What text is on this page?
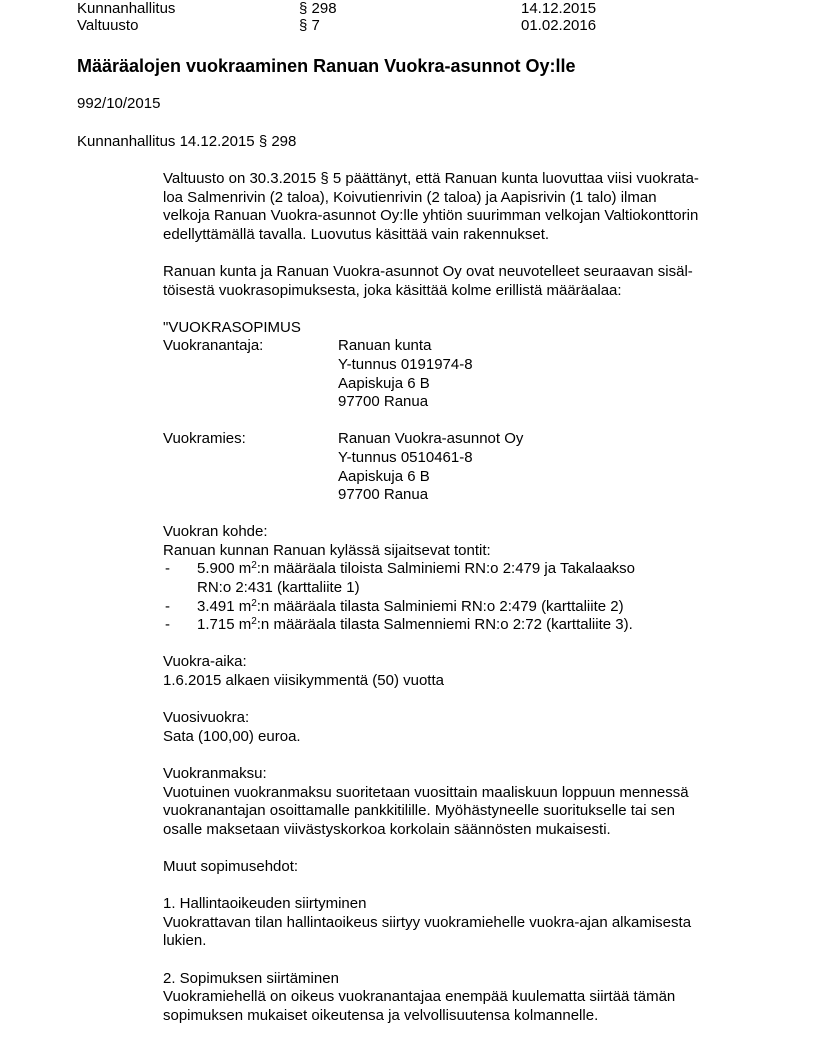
Kunnanhallitus	§ 298	14.12.2015
Valtuusto	§ 7	01.02.2016
Määräalojen vuokraaminen Ranuan Vuokra-asunnot Oy:lle
992/10/2015
Kunnanhallitus 14.12.2015 § 298
Valtuusto on 30.3.2015 § 5 päättänyt, että Ranuan kunta luovuttaa viisi vuokrata-
loa Salmenrivin (2 taloa), Koivutienrivin (2 taloa) ja Aapisrivin (1 talo) ilman
velkoja Ranuan Vuokra-asunnot Oy:lle yhtiön suurimman velkojan Valtiokonttorin
edellyttämällä tavalla. Luovutus käsittää vain rakennukset.
Ranuan kunta ja Ranuan Vuokra-asunnot Oy ovat neuvotelleet seuraavan sisäl-
töisestä vuokrasopimuksesta, joka käsittää kolme erillistä määräalaa:
"VUOKRASOPIMUS
Vuokranantaja:	Ranuan kunta
Y-tunnus 0191974-8
Aapiskuja 6 B
97700 Ranua
Vuokramies:	Ranuan Vuokra-asunnot Oy
Y-tunnus 0510461-8
Aapiskuja 6 B
97700 Ranua
Vuokran kohde:
Ranuan kunnan Ranuan kylässä sijaitsevat tontit:
- 5.900 $m^2:n$ määräala tiloista Salminiemi RN:o 2:479 ja Takalaakso
RN:o 2:431 (karttaliite 1)
- 3.491 $m^2:n$ määräala tilasta Salminiemi RN:o 2:479 (karttaliite 2)
- 1.715 $m^2:n$ määräala tilasta Salmenniemi RN:o 2:72 (karttaliite 3).
Vuokra-aika:
1.6.2015 alkaen viisikymmentä (50) vuotta
Vuosivuokra:
Sata (100,00) euroa.
Vuokranmaksu:
Vuotuinen vuokranmaksu suoritetaan vuosittain maaliskuun loppuun mennessä
vuokranantajan osoittamalle pankkitilille. Myöhästyneelle suoritukselle tai sen
osalle maksetaan viivästyskorkoa korkolain säännösten mukaisesti.
Muut sopimusehdot:
1. Hallintaoikeuden siirtyminen
Vuokrattavan tilan hallintaoikeus siirtyy vuokramiehelle vuokra-ajan alkamisesta
lukien.
2. Sopimuksen siirtäminen
Vuokramiehellä on oikeus vuokranantajaa enempää kuulematta siirtää tämän
sopimuksen mukaiset oikeutensa ja velvollisuutensa kolmannelle.
